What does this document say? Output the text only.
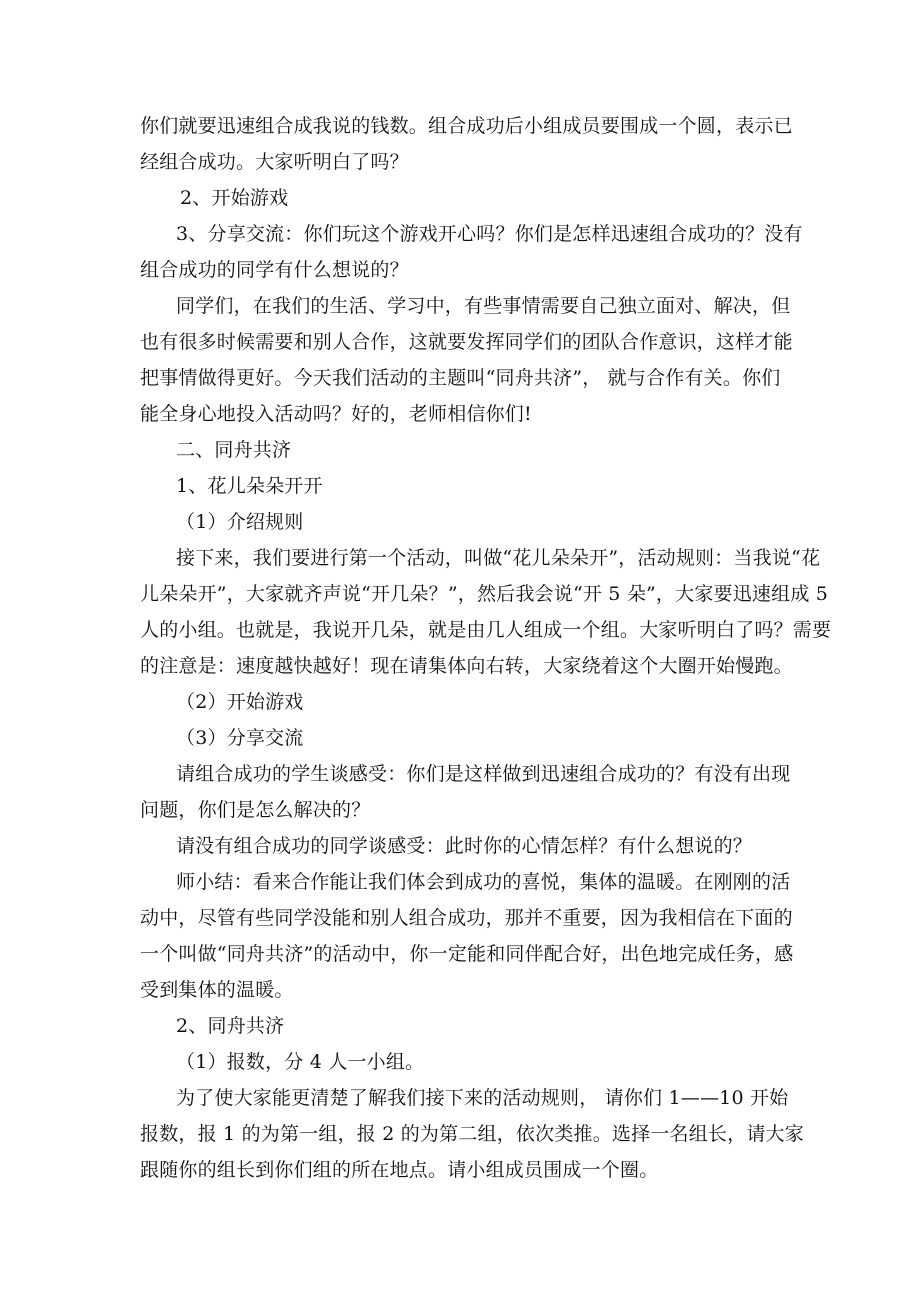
你们就要迅速组合成我说的钱数。组合成功后小组成员要围成一个圆，表示已
经组合成功。大家听明白了吗？
2、开始游戏
3、分享交流：你们玩这个游戏开心吗？你们是怎样迅速组合成功的？没有
组合成功的同学有什么想说的？
同学们，在我们的生活、学习中，有些事情需要自己独立面对、解决，但
也有很多时候需要和别人合作，这就要发挥同学们的团队合作意识，这样才能
把事情做得更好。今天我们活动的主题叫“同舟共济”， 就与合作有关。你们
能全身心地投入活动吗？好的，老师相信你们!
二、同舟共济
1、花儿朵朵开开
（1）介绍规则
接下来，我们要进行第一个活动，叫做“花儿朵朵开”，活动规则：当我说“花
儿朵朵开”，大家就齐声说“开几朵？”，然后我会说“开 5 朵”，大家要迅速组成 5
人的小组。也就是，我说开几朵，就是由几人组成一个组。大家听明白了吗？需要
的注意是：速度越快越好！现在请集体向右转，大家绕着这个大圈开始慢跑。
（2）开始游戏
（3）分享交流
请组合成功的学生谈感受：你们是这样做到迅速组合成功的？有没有出现
问题，你们是怎么解决的？
请没有组合成功的同学谈感受：此时你的心情怎样？有什么想说的？
师小结：看来合作能让我们体会到成功的喜悦，集体的温暖。在刚刚的活
动中，尽管有些同学没能和别人组合成功，那并不重要，因为我相信在下面的
一个叫做“同舟共济”的活动中，你一定能和同伴配合好，出色地完成任务，感
受到集体的温暖。
2、同舟共济
（1）报数，分 4 人一小组。
为了使大家能更清楚了解我们接下来的活动规则， 请你们 1——10 开始
报数，报 1 的为第一组，报 2 的为第二组，依次类推。选择一名组长，请大家
跟随你的组长到你们组的所在地点。请小组成员围成一个圈。
